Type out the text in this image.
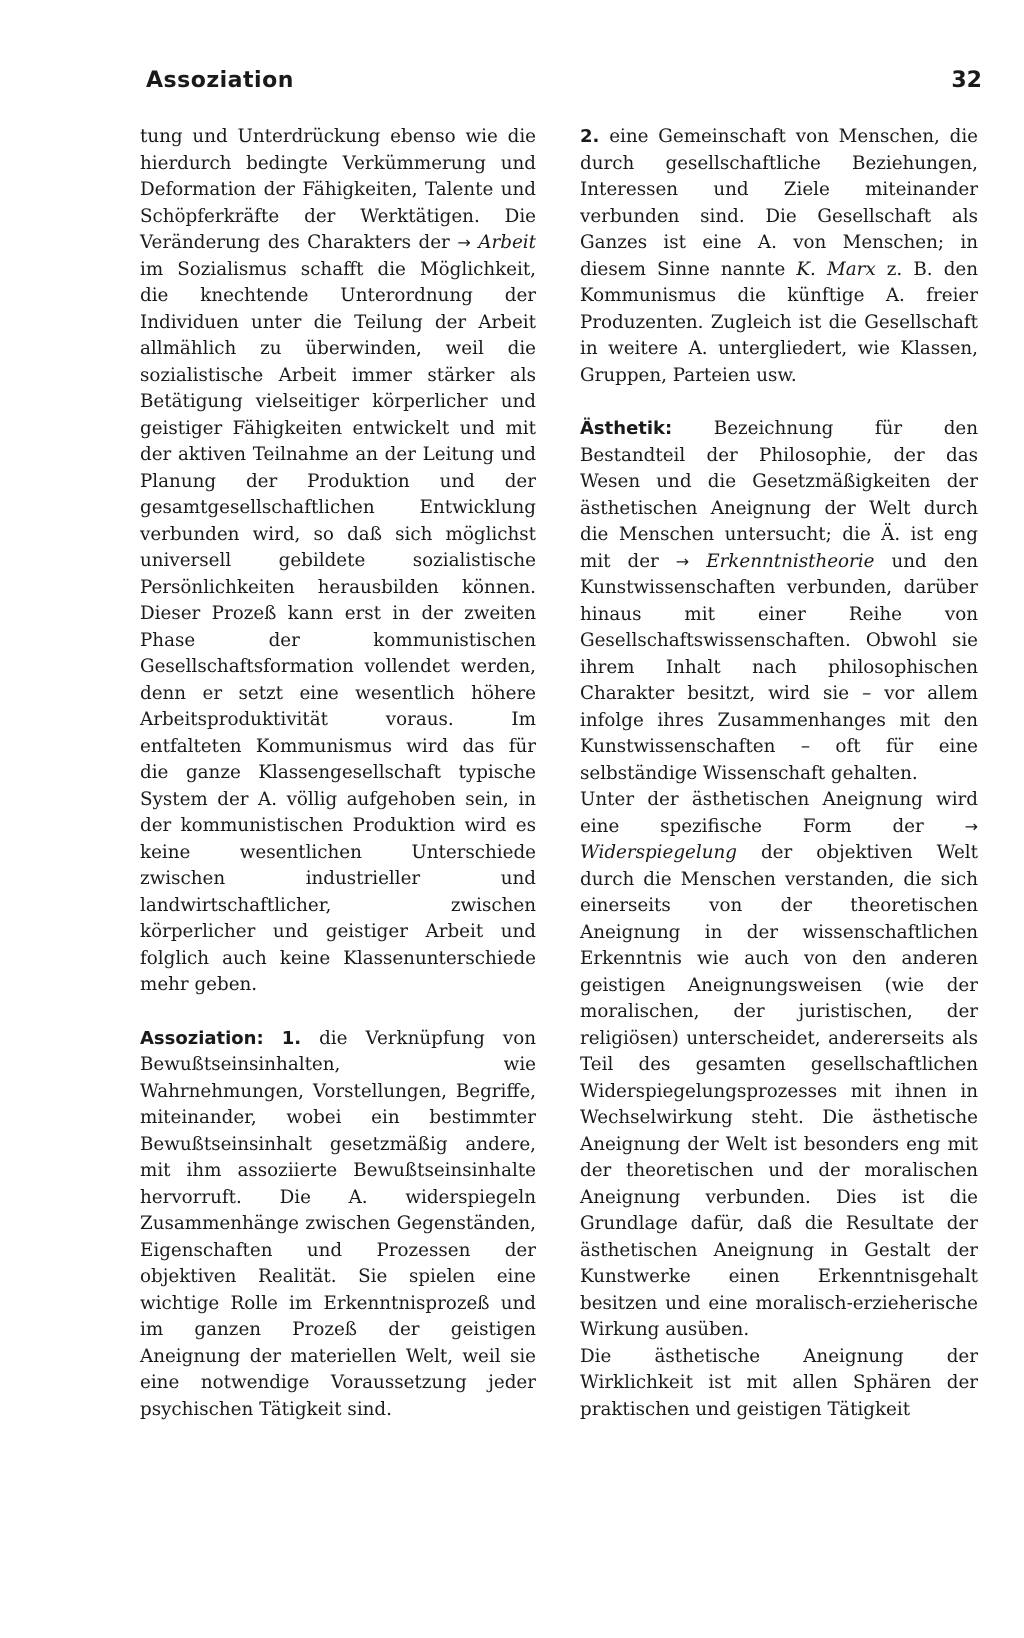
Assoziation	32

tung und Unterdrückung ebenso wie die hierdurch bedingte Verkümmerung und Deformation der Fähigkeiten, Talente und Schöpferkräfte der Werktätigen. Die Veränderung des Charakters der → Arbeit im Sozialismus schafft die Möglichkeit, die knechtende Unterordnung der Individuen unter die Teilung der Arbeit allmählich zu überwinden, weil die sozialistische Arbeit immer stärker als Betätigung vielseitiger körperlicher und geistiger Fähigkeiten entwickelt und mit der aktiven Teilnahme an der Leitung und Planung der Produktion und der gesamtgesellschaftlichen Entwicklung verbunden wird, so daß sich möglichst universell gebildete sozialistische Persönlichkeiten herausbilden können. Dieser Prozeß kann erst in der zweiten Phase der kommunistischen Gesellschaftsformation vollendet werden, denn er setzt eine wesentlich höhere Arbeitsproduktivität voraus. Im entfalteten Kommunismus wird das für die ganze Klassengesellschaft typische System der A. völlig aufgehoben sein, in der kommunistischen Produktion wird es keine wesentlichen Unterschiede zwischen industrieller und landwirtschaftlicher, zwischen körperlicher und geistiger Arbeit und folglich auch keine Klassenunterschiede mehr geben.

Assoziation: 1. die Verknüpfung von Bewußtseinsinhalten, wie Wahrnehmungen, Vorstellungen, Begriffe, miteinander, wobei ein bestimmter Bewußtseinsinhalt gesetzmäßig andere, mit ihm assoziierte Bewußtseinsinhalte hervorruft. Die A. widerspiegeln Zusammenhänge zwischen Gegenständen, Eigenschaften und Prozessen der objektiven Realität. Sie spielen eine wichtige Rolle im Erkenntnisprozeß und im ganzen Prozeß der geistigen Aneignung der materiellen Welt, weil sie eine notwendige Voraussetzung jeder psychischen Tätigkeit sind.

2. eine Gemeinschaft von Menschen, die durch gesellschaftliche Beziehungen, Interessen und Ziele miteinander verbunden sind. Die Gesellschaft als Ganzes ist eine A. von Menschen; in diesem Sinne nannte K. Marx z. B. den Kommunismus die künftige A. freier Produzenten. Zugleich ist die Gesellschaft in weitere A. untergliedert, wie Klassen, Gruppen, Parteien usw.

Ästhetik: Bezeichnung für den Bestandteil der Philosophie, der das Wesen und die Gesetzmäßigkeiten der ästhetischen Aneignung der Welt durch die Menschen untersucht; die Ä. ist eng mit der → Erkenntnistheorie und den Kunstwissenschaften verbunden, darüber hinaus mit einer Reihe von Gesellschaftswissenschaften. Obwohl sie ihrem Inhalt nach philosophischen Charakter besitzt, wird sie – vor allem infolge ihres Zusammenhanges mit den Kunstwissenschaften – oft für eine selbständige Wissenschaft gehalten.

Unter der ästhetischen Aneignung wird eine spezifische Form der → Widerspiegelung der objektiven Welt durch die Menschen verstanden, die sich einerseits von der theoretischen Aneignung in der wissenschaftlichen Erkenntnis wie auch von den anderen geistigen Aneignungsweisen (wie der moralischen, der juristischen, der religiösen) unterscheidet, andererseits als Teil des gesamten gesellschaftlichen Widerspiegelungsprozesses mit ihnen in Wechselwirkung steht. Die ästhetische Aneignung der Welt ist besonders eng mit der theoretischen und der moralischen Aneignung verbunden. Dies ist die Grundlage dafür, daß die Resultate der ästhetischen Aneignung in Gestalt der Kunstwerke einen Erkenntnisgehalt besitzen und eine moralisch-erzieherische Wirkung ausüben.

Die ästhetische Aneignung der Wirklichkeit ist mit allen Sphären der praktischen und geistigen Tätigkeit
